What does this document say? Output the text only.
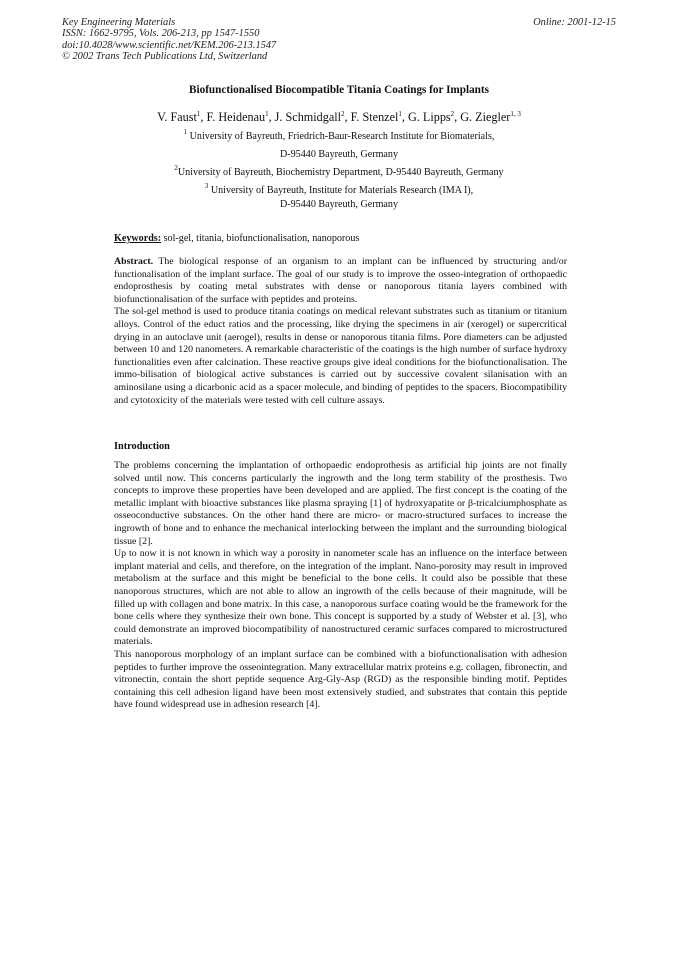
Key Engineering Materials
ISSN: 1662-9795, Vols. 206-213, pp 1547-1550
doi:10.4028/www.scientific.net/KEM.206-213.1547
© 2002 Trans Tech Publications Ltd, Switzerland
Online: 2001-12-15
Biofunctionalised Biocompatible Titania Coatings for Implants
V. Faust$^1$, F. Heidenau$^1$, J. Schmidgall$^2$, F. Stenzel$^1$, G. Lipps$^2$, G. Ziegler$^{1, 3}$
$^1$ University of Bayreuth, Friedrich-Baur-Research Institute for Biomaterials,
D-95440 Bayreuth, Germany
$^2$University of Bayreuth, Biochemistry Department, D-95440 Bayreuth, Germany
$^3$ University of Bayreuth, Institute for Materials Research (IMA I),
D-95440 Bayreuth, Germany
Keywords: sol-gel, titania, biofunctionalisation, nanoporous

Abstract. The biological response of an organism to an implant can be influenced by structuring and/or functionalisation of the implant surface. The goal of our study is to improve the osseo-integration of orthopaedic endoprosthesis by coating metal substrates with dense or nanoporous titania layers combined with biofunctionalisation of the surface with peptides and proteins.

The sol-gel method is used to produce titania coatings on medical relevant substrates such as titanium or titanium alloys. Control of the educt ratios and the processing, like drying the specimens in air (xerogel) or supercritical drying in an autoclave unit (aerogel), results in dense or nanoporous titania films. Pore diameters can be adjusted between 10 and 120 nanometers. A remarkable characteristic of the coatings is the high number of surface hydroxy functionalities even after calcination. These reactive groups give ideal conditions for the biofunctionalisation. The immo-bilisation of biological active substances is carried out by successive covalent silanisation with an aminosilane using a dicarbonic acid as a spacer molecule, and binding of peptides to the spacers. Biocompatibility and cytotoxicity of the materials were tested with cell culture assays.

Introduction

The problems concerning the implantation of orthopaedic endoprothesis as artificial hip joints are not finally solved until now. This concerns particularly the ingrowth and the long term stability of the prosthesis. Two concepts to improve these properties have been developed and are applied. The first concept is the coating of the metallic implant with bioactive substances like plasma spraying [1] of hydroxyapatite or β-tricalciumphosphate as osseoconductive substances. On the other hand there are micro- or macro-structured surfaces to increase the ingrowth of bone and to enhance the mechanical interlocking between the implant and the surrounding biological tissue [2].

Up to now it is not known in which way a porosity in nanometer scale has an influence on the interface between implant material and cells, and therefore, on the integration of the implant. Nano-porosity may result in improved metabolism at the surface and this might be beneficial to the bone cells. It could also be possible that these nanoporous structures, which are not able to allow an ingrowth of the cells because of their magnitude, will be filled up with collagen and bone matrix. In this case, a nanoporous surface coating would be the framework for the bone cells where they synthesize their own bone. This concept is supported by a study of Webster et al. [3], who could demonstrate an improved biocompatibility of nanostructured ceramic surfaces compared to microstructured materials.

This nanoporous morphology of an implant surface can be combined with a biofunctionalisation with adhesion peptides to further improve the osseointegration. Many extracellular matrix proteins e.g. collagen, fibronectin, and vitronectin, contain the short peptide sequence Arg-Gly-Asp (RGD) as the responsible binding motif. Peptides containing this cell adhesion ligand have been most extensively studied, and substrates that contain this peptide have found widespread use in adhesion research [4].
